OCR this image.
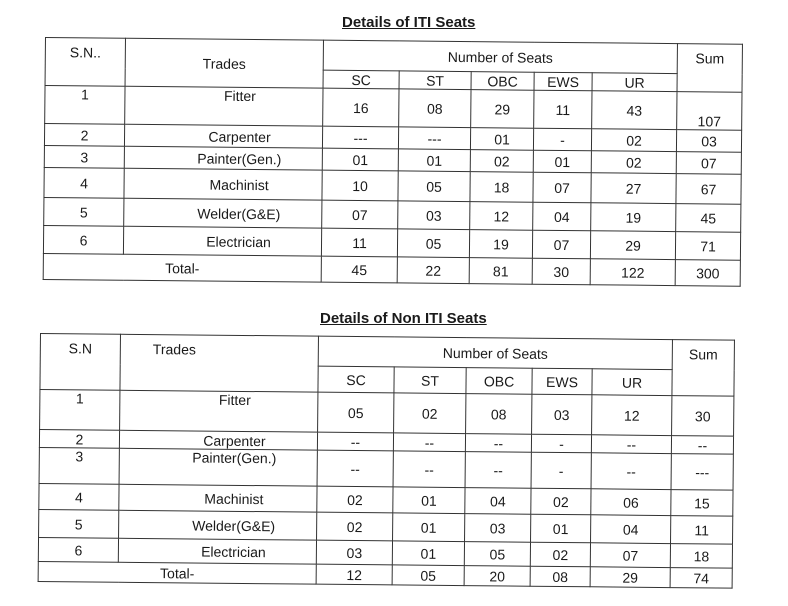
Details of ITI Seats
S.N..	Trades	Number of Seats					Sum
		SC	ST	OBC	EWS	UR	
1	Fitter	16	08	29	11	43	107
2	Carpenter	---	---	01	-	02	03
3	Painter(Gen.)	01	01	02	01	02	07
4	Machinist	10	05	18	07	27	67
5	Welder(G&E)	07	03	12	04	19	45
6	Electrician	11	05	19	07	29	71
Total-		45	22	81	30	122	300
Details of Non ITI Seats
S.N	Trades	Number of Seats					Sum
		SC	ST	OBC	EWS	UR	
1	Fitter	05	02	08	03	12	30
2	Carpenter	--	--	--	-	--	--
3	Painter(Gen.)	--	--	--	-	--	---
4	Machinist	02	01	04	02	06	15
5	Welder(G&E)	02	01	03	01	04	11
6	Electrician	03	01	05	02	07	18
Total-		12	05	20	08	29	74
